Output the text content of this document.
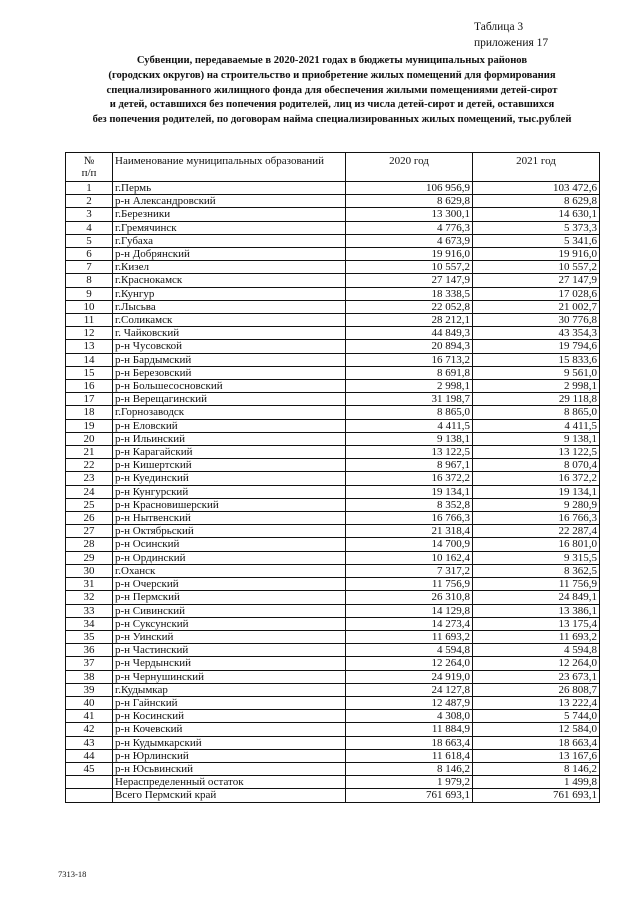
Таблица 3
приложения 17
Субвенции, передаваемые в 2020-2021 годах в бюджеты муниципальных районов
(городских округов) на строительство и приобретение жилых помещений для формирования
специализированного жилищного фонда для обеспечения жилыми помещениями детей-сирот
и детей, оставшихся без попечения родителей, лиц из числа детей-сирот и детей, оставшихся
без попечения родителей, по договорам найма специализированных жилых помещений, тыс.рублей
№
п/п	Наименование муниципальных образований	2020 год	2021 год
1	г.Пермь	106 956,9	103 472,6
2	р-н Александровский	8 629,8	8 629,8
3	г.Березники	13 300,1	14 630,1
4	г.Гремячинск	4 776,3	5 373,3
5	г.Губаха	4 673,9	5 341,6
6	р-н Добрянский	19 916,0	19 916,0
7	г.Кизел	10 557,2	10 557,2
8	г.Краснокамск	27 147,9	27 147,9
9	г.Кунгур	18 338,5	17 028,6
10	г.Лысьва	22 052,8	21 002,7
11	г.Соликамск	28 212,1	30 776,8
12	г. Чайковский	44 849,3	43 354,3
13	р-н Чусовской	20 894,3	19 794,6
14	р-н Бардымский	16 713,2	15 833,6
15	р-н Березовский	8 691,8	9 561,0
16	р-н Большесосновский	2 998,1	2 998,1
17	р-н Верещагинский	31 198,7	29 118,8
18	г.Горнозаводск	8 865,0	8 865,0
19	р-н Еловский	4 411,5	4 411,5
20	р-н Ильинский	9 138,1	9 138,1
21	р-н Карагайский	13 122,5	13 122,5
22	р-н Кишертский	8 967,1	8 070,4
23	р-н Куединский	16 372,2	16 372,2
24	р-н Кунгурский	19 134,1	19 134,1
25	р-н Красновишерский	8 352,8	9 280,9
26	р-н Нытвенский	16 766,3	16 766,3
27	р-н Октябрьский	21 318,4	22 287,4
28	р-н Осинский	14 700,9	16 801,0
29	р-н Ординский	10 162,4	9 315,5
30	г.Оханск	7 317,2	8 362,5
31	р-н Очерский	11 756,9	11 756,9
32	р-н Пермский	26 310,8	24 849,1
33	р-н Сивинский	14 129,8	13 386,1
34	р-н Суксунский	14 273,4	13 175,4
35	р-н Уинский	11 693,2	11 693,2
36	р-н Частинский	4 594,8	4 594,8
37	р-н Чердынский	12 264,0	12 264,0
38	р-н Чернушинский	24 919,0	23 673,1
39	г.Кудымкар	24 127,8	26 808,7
40	р-н Гайнский	12 487,9	13 222,4
41	р-н Косинский	4 308,0	5 744,0
42	р-н Кочевский	11 884,9	12 584,0
43	р-н Кудымкарский	18 663,4	18 663,4
44	р-н Юрлинский	11 618,4	13 167,6
45	р-н Юсьвинский	8 146,2	8 146,2
	Нераспределенный остаток	1 979,2	1 499,8
	Всего Пермский край	761 693,1	761 693,1
7313-18
